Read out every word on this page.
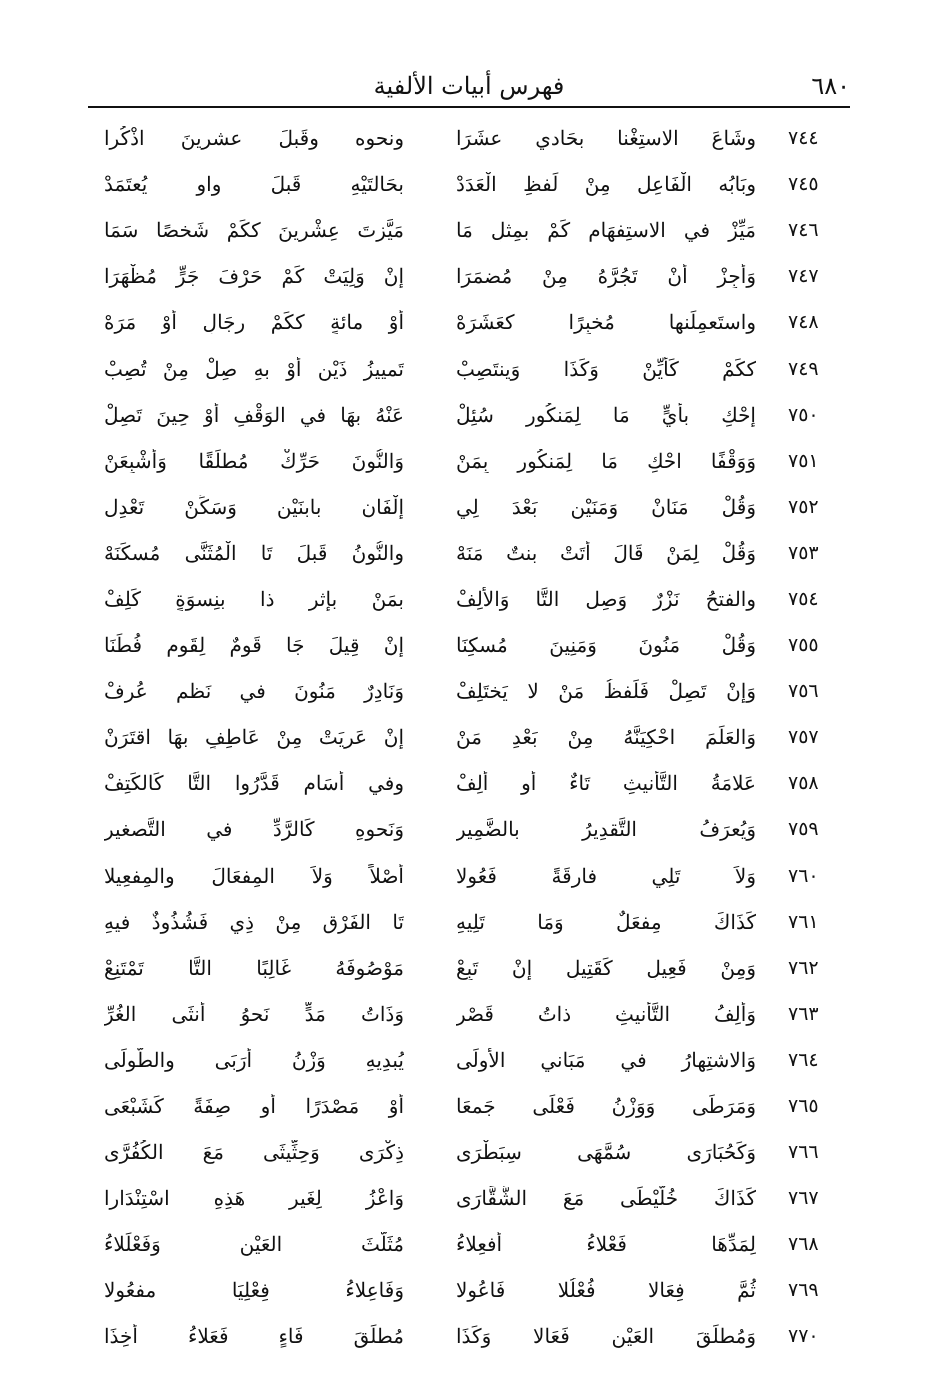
٦٨٠
فهرس أبيات الألفية
٧٤٤
وشَاعَ الاستِغْنا بحَادي عشَرَا
ونحوه وقَبلَ عشرينَ اذْكُرا
٧٤٥
وبَابُه الْفَاعِلِ مِنْ لَفظِ الْعَدَدْ
بحَالتَيْهِ قَبلَ واوٍ يُعتَمَدْ
٧٤٦
مَيِّزْ في الاستِفهَام كَمْ بمِثلِ مَا
مَيَّزتَ عِشْرِينَ ككَمْ شَخصًا سَمَا
٧٤٧
وَأجِزْ أنْ تَجُرَّهُ مِنْ مُضمَرَا
إنْ وَلِيَتْ كَمْ حَرْفَ جَرٍّ مُظْهَرَا
٧٤٨
واستَعمِلَنها مُخبِرًا كعَشَرَهْ
أوْ مائةٍ ككَمْ رجَالٍ أوْ مَرَهْ
٧٤٩
ككَمْ كَأيِّنْ وَكَذَا وَينتَصِبْ
تَمييزُ ذَيْنِ أوْ بهِ صِلْ مِنْ تُصِبْ
٧٥٠
إحْكِ بأيٍّ مَا لِمَنكُورٍ سُئِلْ
عَنْهُ بهَا في الوَقْفِ أوْ حِينَ تَصِلْ
٧٥١
وَوَقْفًا احْكِ مَا لِمَنكُورٍ بِمَنْ
وَالنُّونَ حَرِّكْ مُطلَقًا وَأشْبِعَنْ
٧٥٢
وَقُلْ مَنَانْ وَمَنَيْنِ بَعْدَ لِي
إلْفَانِ بابنَيْنِ وَسَكِّنْ تَعْدِلِ
٧٥٣
وَقُلْ لِمَنْ قَالَ أتَتْ بنتٌ مَنَهْ
والنُّونُ قَبلَ تَا الْمُثَنَّى مُسكَنَهْ
٧٥٤
والفتحُ نَزْرٌ وَصِلِ التَّا وَالألِفْ
بمَنْ بإثرِ ذا بنِسوَةٍ كَلِفْ
٧٥٥
وَقُلْ مَنُونَ وَمَنِينَ مُسكِنَا
إنْ قِيلَ جَا قَومٌ لِقَومٍ فُطَنَا
٧٥٦
وَإنْ تَصِلْ فَلَفظُ مَنْ لا يَختَلِفْ
وَنَادِرٌ مَنُونَ في نَظمٍ عُرِفْ
٧٥٧
وَالعَلَمَ احْكِيَنَّهُ مِنْ بَعْدِ مَنْ
إنْ عَرِيَتْ مِنْ عَاطِفٍ بهَا اقتَرَنْ
٧٥٨
عَلامَةُ التَّأنيثِ تَاءٌ أو ألِفْ
وفي أسَامٍ قَدَّرُوا التَّا كَالكَتِفْ
٧٥٩
وَيُعرَفُ التَّقدِيرُ بالضَّمِيرِ
وَنَحوِهِ كَالرَّدِّ في التَّصغيرِ
٧٦٠
وَلاَ تَلِي فارِقَةً فَعُولا
أصْلاً وَلاَ المِفعَالَ والمِفعِيلا
٧٦١
كَذَاكَ مِفعَلٌ وَمَا تَلِيهِ
تَا الفَرْقِ مِنْ ذِي فَشُذُوذٌ فيهِ
٧٦٢
وَمِنْ فَعِيلٍ كَقَتِيلٍ إنْ تَبِعْ
مَوْصُوفَهُ غَالِبًا التَّا تَمْتَنِعْ
٧٦٣
وَألِفُ التَّأنيثِ ذاتُ قَصْرِ
وَذَاتُ مَدٍّ نَحوُ أُنثَى الغُرِّ
٧٦٤
وَالاشتِهارُ في مَبَاني الأُولَى
يُبدِيهِ وَزْنُ أُرَبَى والطُّولَى
٧٦٥
وَمَرَطَى وَوَزْنُ فَعْلَى جَمعَا
أوْ مَصْدَرًا أو صِفَةً كَشَبْعَى
٧٦٦
وَكَحُبَارَى سُمَّهَى سِبَطْرَى
ذِكْرَى وَحِثِّيثَى مَعَ الكُفُرَّى
٧٦٧
كَذَاكَ خُلَّيْطَى مَعَ الشُّقَّارَى
وَاعْزُ لِغَيرِ هَذِهِ اسْتِنْدَارا
٧٦٨
لِمَدِّهَا فَعْلاءُ أفعِلاءُ
مُثَلَّثَ العَيْنِ وَفَعْلَلاءُ
٧٦٩
ثُمَّ فِعَالا فُعْلُلا فَاعُولا
وَفَاعِلاءُ فِعْلِيَا مفعُولا
٧٧٠
وَمُطلَقَ العَيْنِ فَعَالا وَكَذَا
مُطلَقَ فَاءٍ فَعَلاءُ أُخِذَا
